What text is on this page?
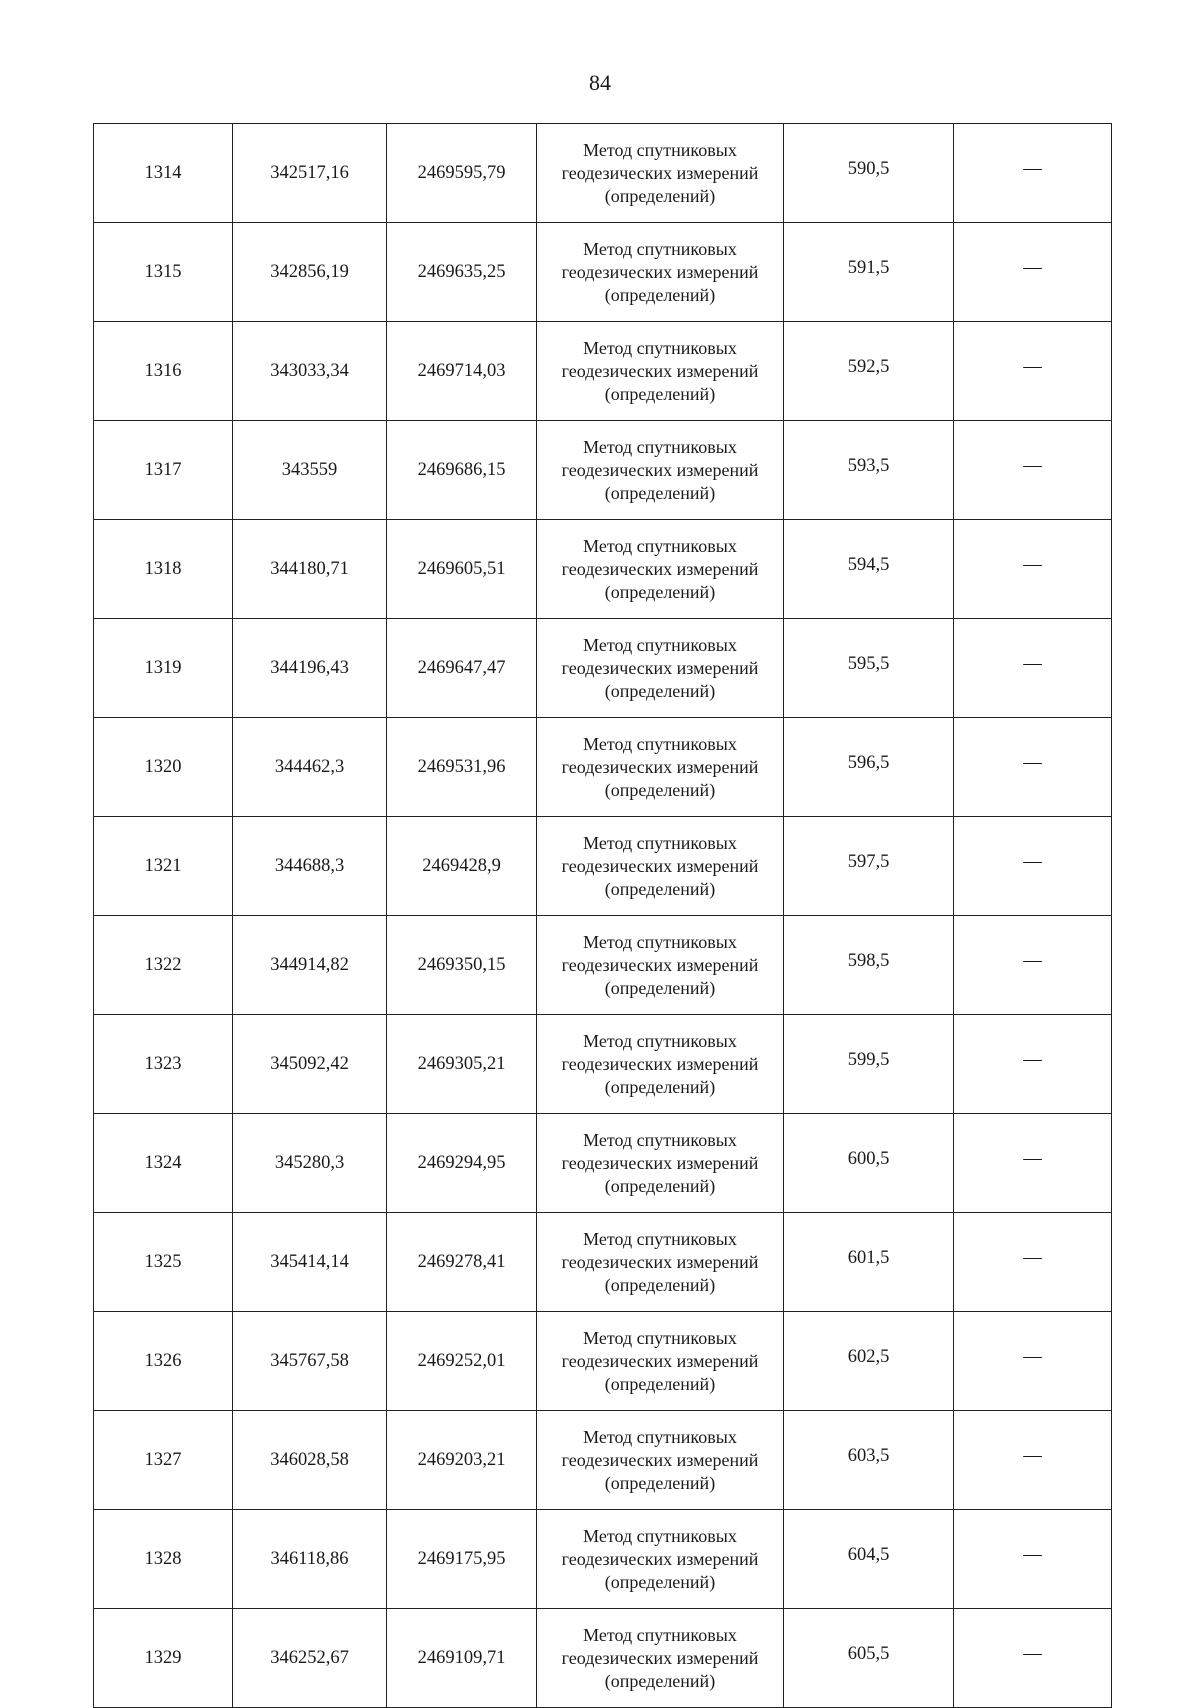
84
1314	342517,16	2469595,79	Метод спутниковых
геодезических измерений
(определений)	590,5	—
1315	342856,19	2469635,25	Метод спутниковых
геодезических измерений
(определений)	591,5	—
1316	343033,34	2469714,03	Метод спутниковых
геодезических измерений
(определений)	592,5	—
1317	343559	2469686,15	Метод спутниковых
геодезических измерений
(определений)	593,5	—
1318	344180,71	2469605,51	Метод спутниковых
геодезических измерений
(определений)	594,5	—
1319	344196,43	2469647,47	Метод спутниковых
геодезических измерений
(определений)	595,5	—
1320	344462,3	2469531,96	Метод спутниковых
геодезических измерений
(определений)	596,5	—
1321	344688,3	2469428,9	Метод спутниковых
геодезических измерений
(определений)	597,5	—
1322	344914,82	2469350,15	Метод спутниковых
геодезических измерений
(определений)	598,5	—
1323	345092,42	2469305,21	Метод спутниковых
геодезических измерений
(определений)	599,5	—
1324	345280,3	2469294,95	Метод спутниковых
геодезических измерений
(определений)	600,5	—
1325	345414,14	2469278,41	Метод спутниковых
геодезических измерений
(определений)	601,5	—
1326	345767,58	2469252,01	Метод спутниковых
геодезических измерений
(определений)	602,5	—
1327	346028,58	2469203,21	Метод спутниковых
геодезических измерений
(определений)	603,5	—
1328	346118,86	2469175,95	Метод спутниковых
геодезических измерений
(определений)	604,5	—
1329	346252,67	2469109,71	Метод спутниковых
геодезических измерений
(определений)	605,5	—
